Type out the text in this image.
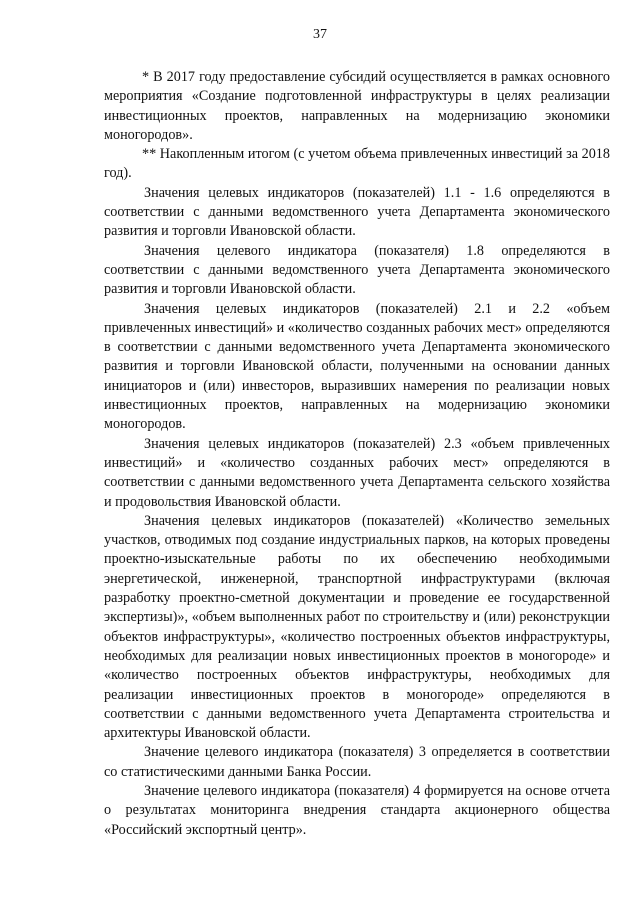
37

* В 2017 году предоставление субсидий осуществляется в рамках основного мероприятия «Создание подготовленной инфраструктуры в целях реализации инвестиционных проектов, направленных на модернизацию экономики моногородов».

** Накопленным итогом (с учетом объема привлеченных инвестиций за 2018 год).

Значения целевых индикаторов (показателей) 1.1 - 1.6 определяются в соответствии с данными ведомственного учета Департамента экономического развития и торговли Ивановской области.

Значения целевого индикатора (показателя) 1.8 определяются в соответствии с данными ведомственного учета Департамента экономического развития и торговли Ивановской области.

Значения целевых индикаторов (показателей) 2.1 и 2.2 «объем привлеченных инвестиций» и «количество созданных рабочих мест» определяются в соответствии с данными ведомственного учета Департамента экономического развития и торговли Ивановской области, полученными на основании данных инициаторов и (или) инвесторов, выразивших намерения по реализации новых инвестиционных проектов, направленных на модернизацию экономики моногородов.

Значения целевых индикаторов (показателей) 2.3 «объем привлеченных инвестиций» и «количество созданных рабочих мест» определяются в соответствии с данными ведомственного учета Департамента сельского хозяйства и продовольствия Ивановской области.

Значения целевых индикаторов (показателей) «Количество земельных участков, отводимых под создание индустриальных парков, на которых проведены проектно-изыскательные работы по их обеспечению необходимыми энергетической, инженерной, транспортной инфраструктурами (включая разработку проектно-сметной документации и проведение ее государственной экспертизы)», «объем выполненных работ по строительству и (или) реконструкции объектов инфраструктуры», «количество построенных объектов инфраструктуры, необходимых для реализации новых инвестиционных проектов в моногороде» и «количество построенных объектов инфраструктуры, необходимых для реализации инвестиционных проектов в моногороде» определяются в соответствии с данными ведомственного учета Департамента строительства и архитектуры Ивановской области.

Значение целевого индикатора (показателя) 3 определяется в соответствии со статистическими данными Банка России.

Значение целевого индикатора (показателя) 4 формируется на основе отчета о результатах мониторинга внедрения стандарта акционерного общества «Российский экспортный центр».
